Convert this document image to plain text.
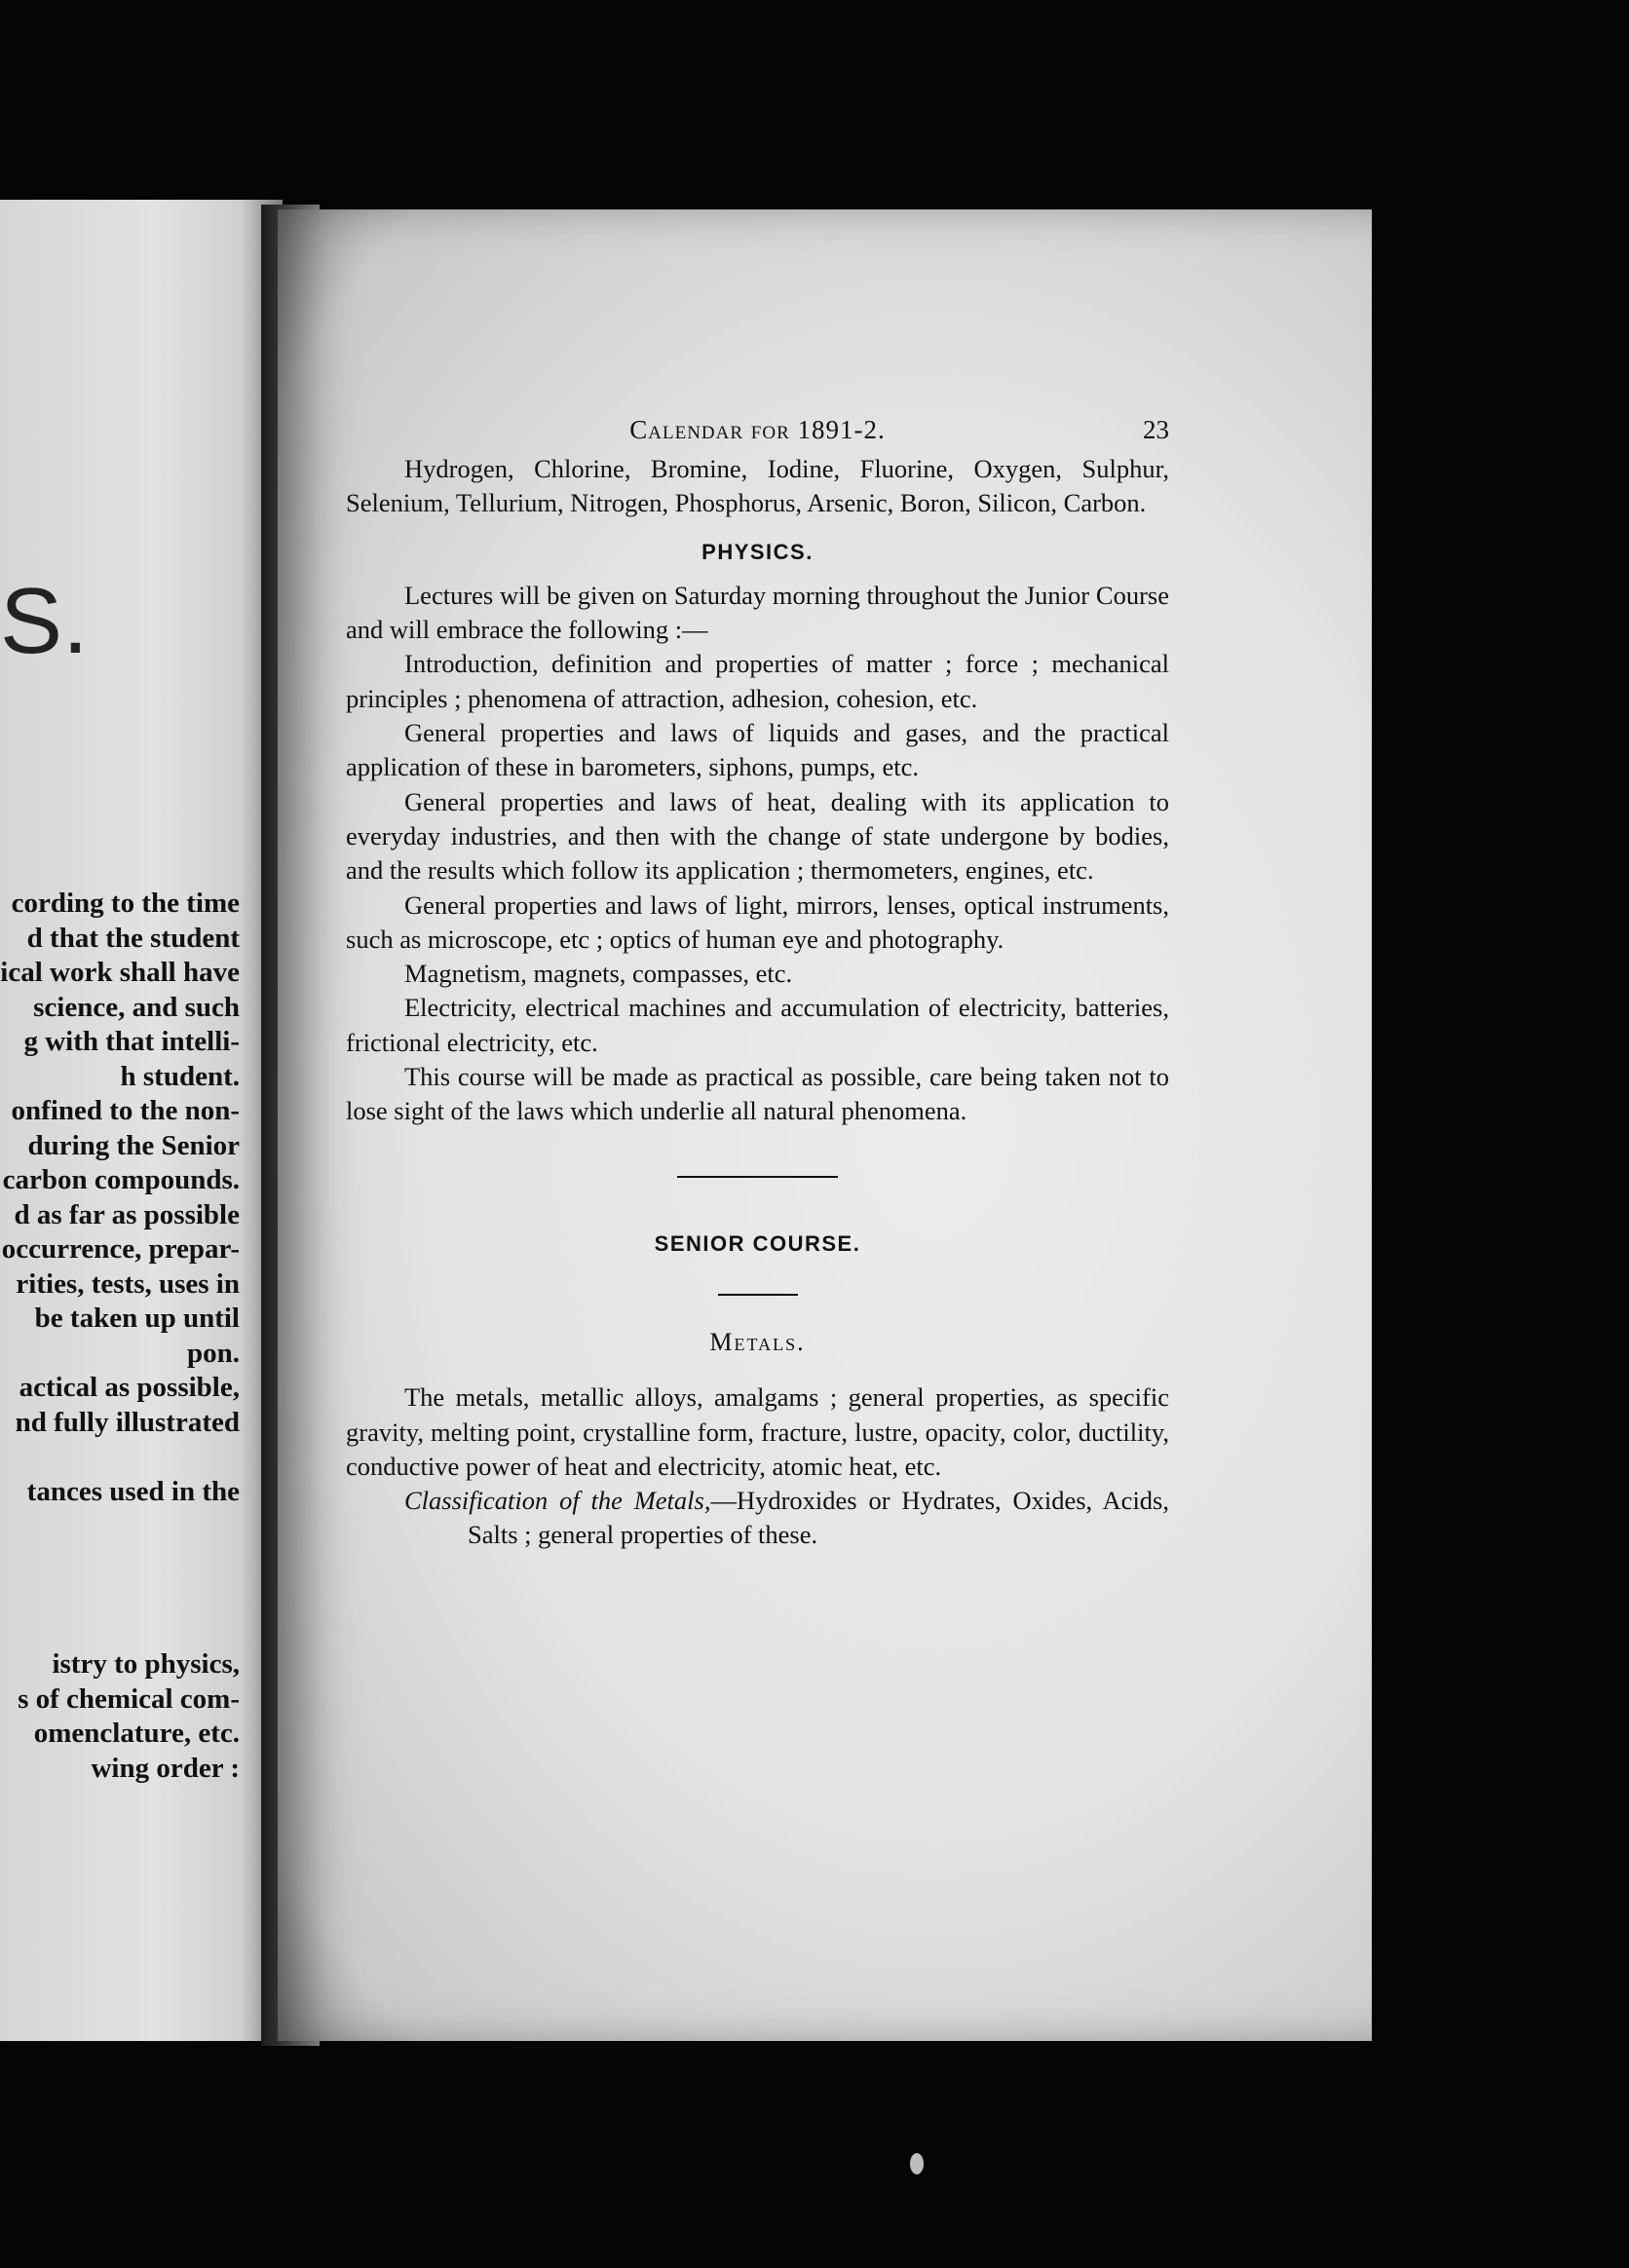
S.
cording to the time
d that the student
ical work shall have
science, and such
g with that intelli-
h student.
onfined to the non-
during the Senior
carbon compounds.
d as far as possible
occurrence, prepar-
rities, tests, uses in
be taken up until
pon.
actical as possible,
nd fully illustrated
tances used in the
istry to physics,
s of chemical com-
omenclature, etc.
wing order :
Calendar for 1891-2.	23

Hydrogen, Chlorine, Bromine, Iodine, Fluorine, Oxygen, Sulphur, Selenium, Tellurium, Nitrogen, Phosphorus, Arsenic, Boron, Silicon, Carbon.

PHYSICS.

Lectures will be given on Saturday morning throughout the Junior Course and will embrace the following :—

Introduction, definition and properties of matter ; force ; mechanical principles ; phenomena of attraction, adhesion, cohesion, etc.

General properties and laws of liquids and gases, and the practical application of these in barometers, siphons, pumps, etc.

General properties and laws of heat, dealing with its application to everyday industries, and then with the change of state undergone by bodies, and the results which follow its application ; thermometers, engines, etc.

General properties and laws of light, mirrors, lenses, optical instruments, such as microscope, etc ; optics of human eye and photography.

Magnetism, magnets, compasses, etc.

Electricity, electrical machines and accumulation of electricity, batteries, frictional electricity, etc.

This course will be made as practical as possible, care being taken not to lose sight of the laws which underlie all natural phenomena.

SENIOR COURSE.

Metals.

The metals, metallic alloys, amalgams ; general properties, as specific gravity, melting point, crystalline form, fracture, lustre, opacity, color, ductility, conductive power of heat and electricity, atomic heat, etc.

Classification of the Metals,—Hydroxides or Hydrates, Oxides, Acids, Salts ; general properties of these.
